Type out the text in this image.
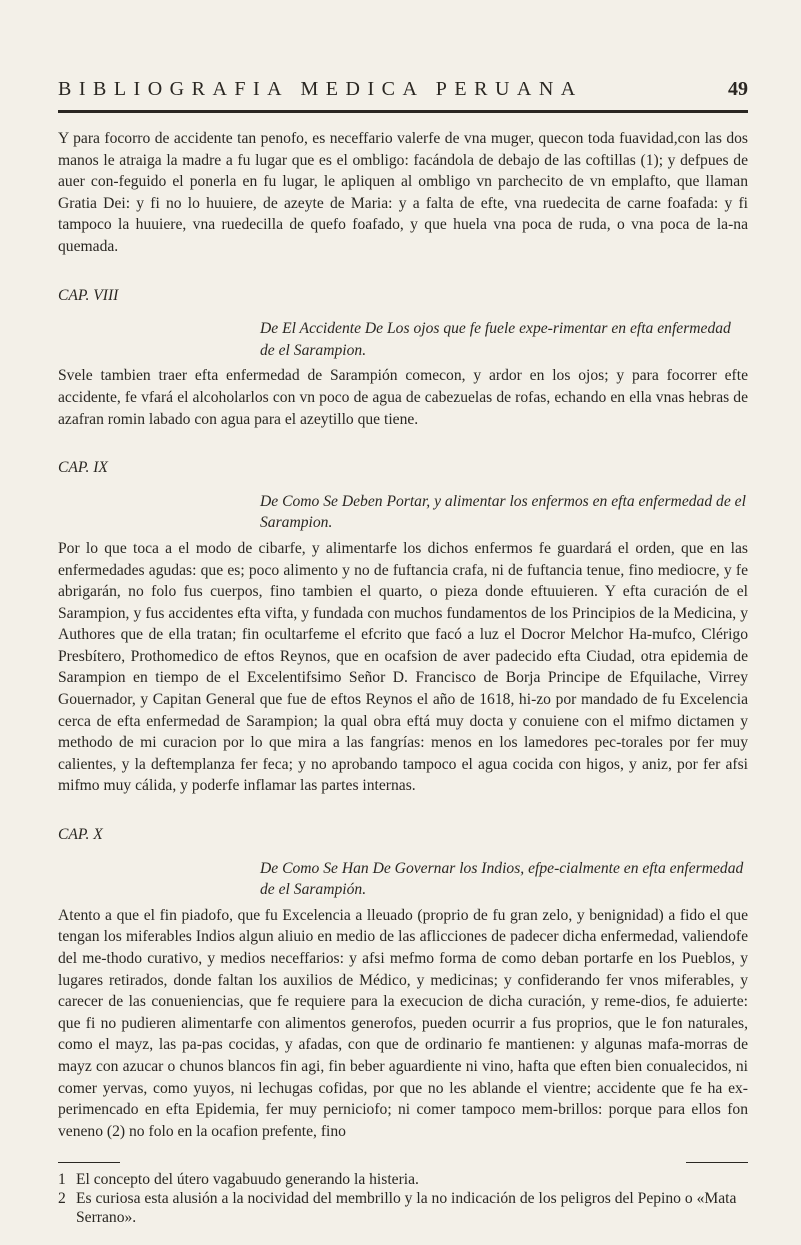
BIBLIOGRAFIA MEDICA PERUANA	49

Y para focorro de accidente tan penofo, es neceffario valerfe de vna muger, quecon toda fuavidad,con las dos manos le atraiga la madre a fu lugar que es el ombligo: facándola de debajo de las coftillas (1); y defpues de auer con-feguido el ponerla en fu lugar, le apliquen al ombligo vn parchecito de vn emplafto, que llaman Gratia Dei: y fi no lo huuiere, de azeyte de Maria: y a falta de efte, vna ruedecita de carne foafada: y fi tampoco la huuiere, vna ruedecilla de quefo foafado, y que huela vna poca de ruda, o vna poca de la-na quemada.

CAP. VIII

De El Accidente De Los ojos que fe fuele expe-rimentar en efta enfermedad de el Sarampion.

Svele tambien traer efta enfermedad de Sarampión comecon, y ardor en los ojos; y para focorrer efte accidente, fe vfará el alcoholarlos con vn poco de agua de cabezuelas de rofas, echando en ella vnas hebras de azafran romin labado con agua para el azeytillo que tiene.

CAP. IX

De Como Se Deben Portar, y alimentar los enfermos en efta enfermedad de el Sarampion.

Por lo que toca a el modo de cibarfe, y alimentarfe los dichos enfermos fe guardará el orden, que en las enfermedades agudas: que es; poco alimento y no de fuftancia crafa, ni de fuftancia tenue, fino mediocre, y fe abrigarán, no folo fus cuerpos, fino tambien el quarto, o pieza donde eftuuieren. Y efta curación de el Sarampion, y fus accidentes efta vifta, y fundada con muchos fundamentos de los Principios de la Medicina, y Authores que de ella tratan; fin ocultarfeme el efcrito que facó a luz el Docror Melchor Ha-mufco, Clérigo Presbítero, Prothomedico de eftos Reynos, que en ocafsion de aver padecido efta Ciudad, otra epidemia de Sarampion en tiempo de el Excelentifsimo Señor D. Francisco de Borja Principe de Efquilache, Virrey Gouernador, y Capitan General que fue de eftos Reynos el año de 1618, hi-zo por mandado de fu Excelencia cerca de efta enfermedad de Sarampion; la qual obra eftá muy docta y conuiene con el mifmo dictamen y methodo de mi curacion por lo que mira a las fangrías: menos en los lamedores pec-torales por fer muy calientes, y la deftemplanza fer feca; y no aprobando tampoco el agua cocida con higos, y aniz, por fer afsi mifmo muy cálida, y poderfe inflamar las partes internas.

CAP. X

De Como Se Han De Governar los Indios, efpe-cialmente en efta enfermedad de el Sarampión.

Atento a que el fin piadofo, que fu Excelencia a lleuado (proprio de fu gran zelo, y benignidad) a fido el que tengan los miferables Indios algun aliuio en medio de las aflicciones de padecer dicha enfermedad, valiendofe del me-thodo curativo, y medios neceffarios: y afsi mefmo forma de como deban portarfe en los Pueblos, y lugares retirados, donde faltan los auxilios de Médico, y medicinas; y confiderando fer vnos miferables, y carecer de las conueniencias, que fe requiere para la execucion de dicha curación, y reme-dios, fe aduierte: que fi no pudieren alimentarfe con alimentos generofos, pueden ocurrir a fus proprios, que le fon naturales, como el mayz, las pa-pas cocidas, y afadas, con que de ordinario fe mantienen: y algunas mafa-morras de mayz con azucar o chunos blancos fin agi, fin beber aguardiente ni vino, hafta que eften bien conualecidos, ni comer yervas, como yuyos, ni lechugas cofidas, por que no les ablande el vientre; accidente que fe ha ex-perimencado en efta Epidemia, fer muy perniciofo; ni comer tampoco mem-brillos: porque para ellos fon veneno (2) no folo en la ocafion prefente, fino

1 El concepto del útero vagabuudo generando la histeria.
2 Es curiosa esta alusión a la nocividad del membrillo y la no indicación de los peligros del Pepino o «Mata Serrano».
